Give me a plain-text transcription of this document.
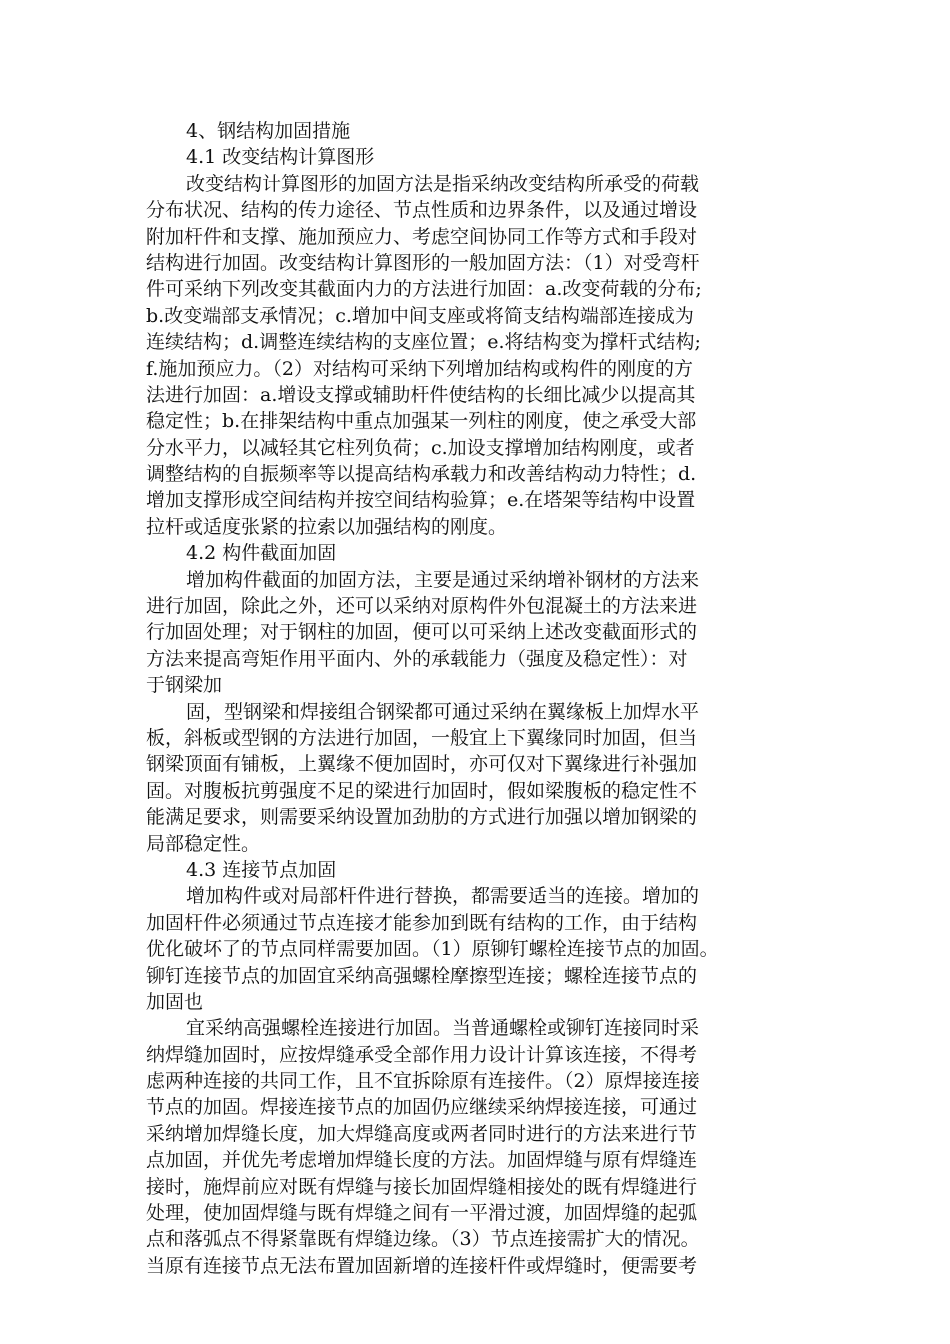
4、钢结构加固措施
4.1 改变结构计算图形
改变结构计算图形的加固方法是指采纳改变结构所承受的荷载
分布状况、结构的传力途径、节点性质和边界条件，以及通过增设
附加杆件和支撑、施加预应力、考虑空间协同工作等方式和手段对
结构进行加固。改变结构计算图形的一般加固方法：（1）对受弯杆
件可采纳下列改变其截面内力的方法进行加固：a.改变荷载的分布;
b.改变端部支承情况；c.增加中间支座或将简支结构端部连接成为
连续结构；d.调整连续结构的支座位置；e.将结构变为撑杆式结构;
f.施加预应力。（2）对结构可采纳下列增加结构或构件的刚度的方
法进行加固：a.增设支撑或辅助杆件使结构的长细比减少以提高其
稳定性；b.在排架结构中重点加强某一列柱的刚度，使之承受大部
分水平力，以减轻其它柱列负荷；c.加设支撑增加结构刚度，或者
调整结构的自振频率等以提高结构承载力和改善结构动力特性；d.
增加支撑形成空间结构并按空间结构验算；e.在塔架等结构中设置
拉杆或适度张紧的拉索以加强结构的刚度。
4.2 构件截面加固
增加构件截面的加固方法，主要是通过采纳增补钢材的方法来
进行加固，除此之外，还可以采纳对原构件外包混凝土的方法来进
行加固处理；对于钢柱的加固，便可以可采纳上述改变截面形式的
方法来提高弯矩作用平面内、外的承载能力（强度及稳定性）：对
于钢梁加
固，型钢梁和焊接组合钢梁都可通过采纳在翼缘板上加焊水平
板，斜板或型钢的方法进行加固，一般宜上下翼缘同时加固，但当
钢梁顶面有铺板，上翼缘不便加固时，亦可仅对下翼缘进行补强加
固。对腹板抗剪强度不足的梁进行加固时，假如梁腹板的稳定性不
能满足要求，则需要采纳设置加劲肋的方式进行加强以增加钢梁的
局部稳定性。
4.3 连接节点加固
增加构件或对局部杆件进行替换，都需要适当的连接。增加的
加固杆件必须通过节点连接才能参加到既有结构的工作，由于结构
优化破坏了的节点同样需要加固。（1）原铆钉螺栓连接节点的加固。
铆钉连接节点的加固宜采纳高强螺栓摩擦型连接；螺栓连接节点的
加固也
宜采纳高强螺栓连接进行加固。当普通螺栓或铆钉连接同时采
纳焊缝加固时，应按焊缝承受全部作用力设计计算该连接，不得考
虑两种连接的共同工作，且不宜拆除原有连接件。（2）原焊接连接
节点的加固。焊接连接节点的加固仍应继续采纳焊接连接，可通过
采纳增加焊缝长度，加大焊缝高度或两者同时进行的方法来进行节
点加固，并优先考虑增加焊缝长度的方法。加固焊缝与原有焊缝连
接时，施焊前应对既有焊缝与接长加固焊缝相接处的既有焊缝进行
处理，使加固焊缝与既有焊缝之间有一平滑过渡，加固焊缝的起弧
点和落弧点不得紧靠既有焊缝边缘。（3）节点连接需扩大的情况。
当原有连接节点无法布置加固新增的连接杆件或焊缝时，便需要考
